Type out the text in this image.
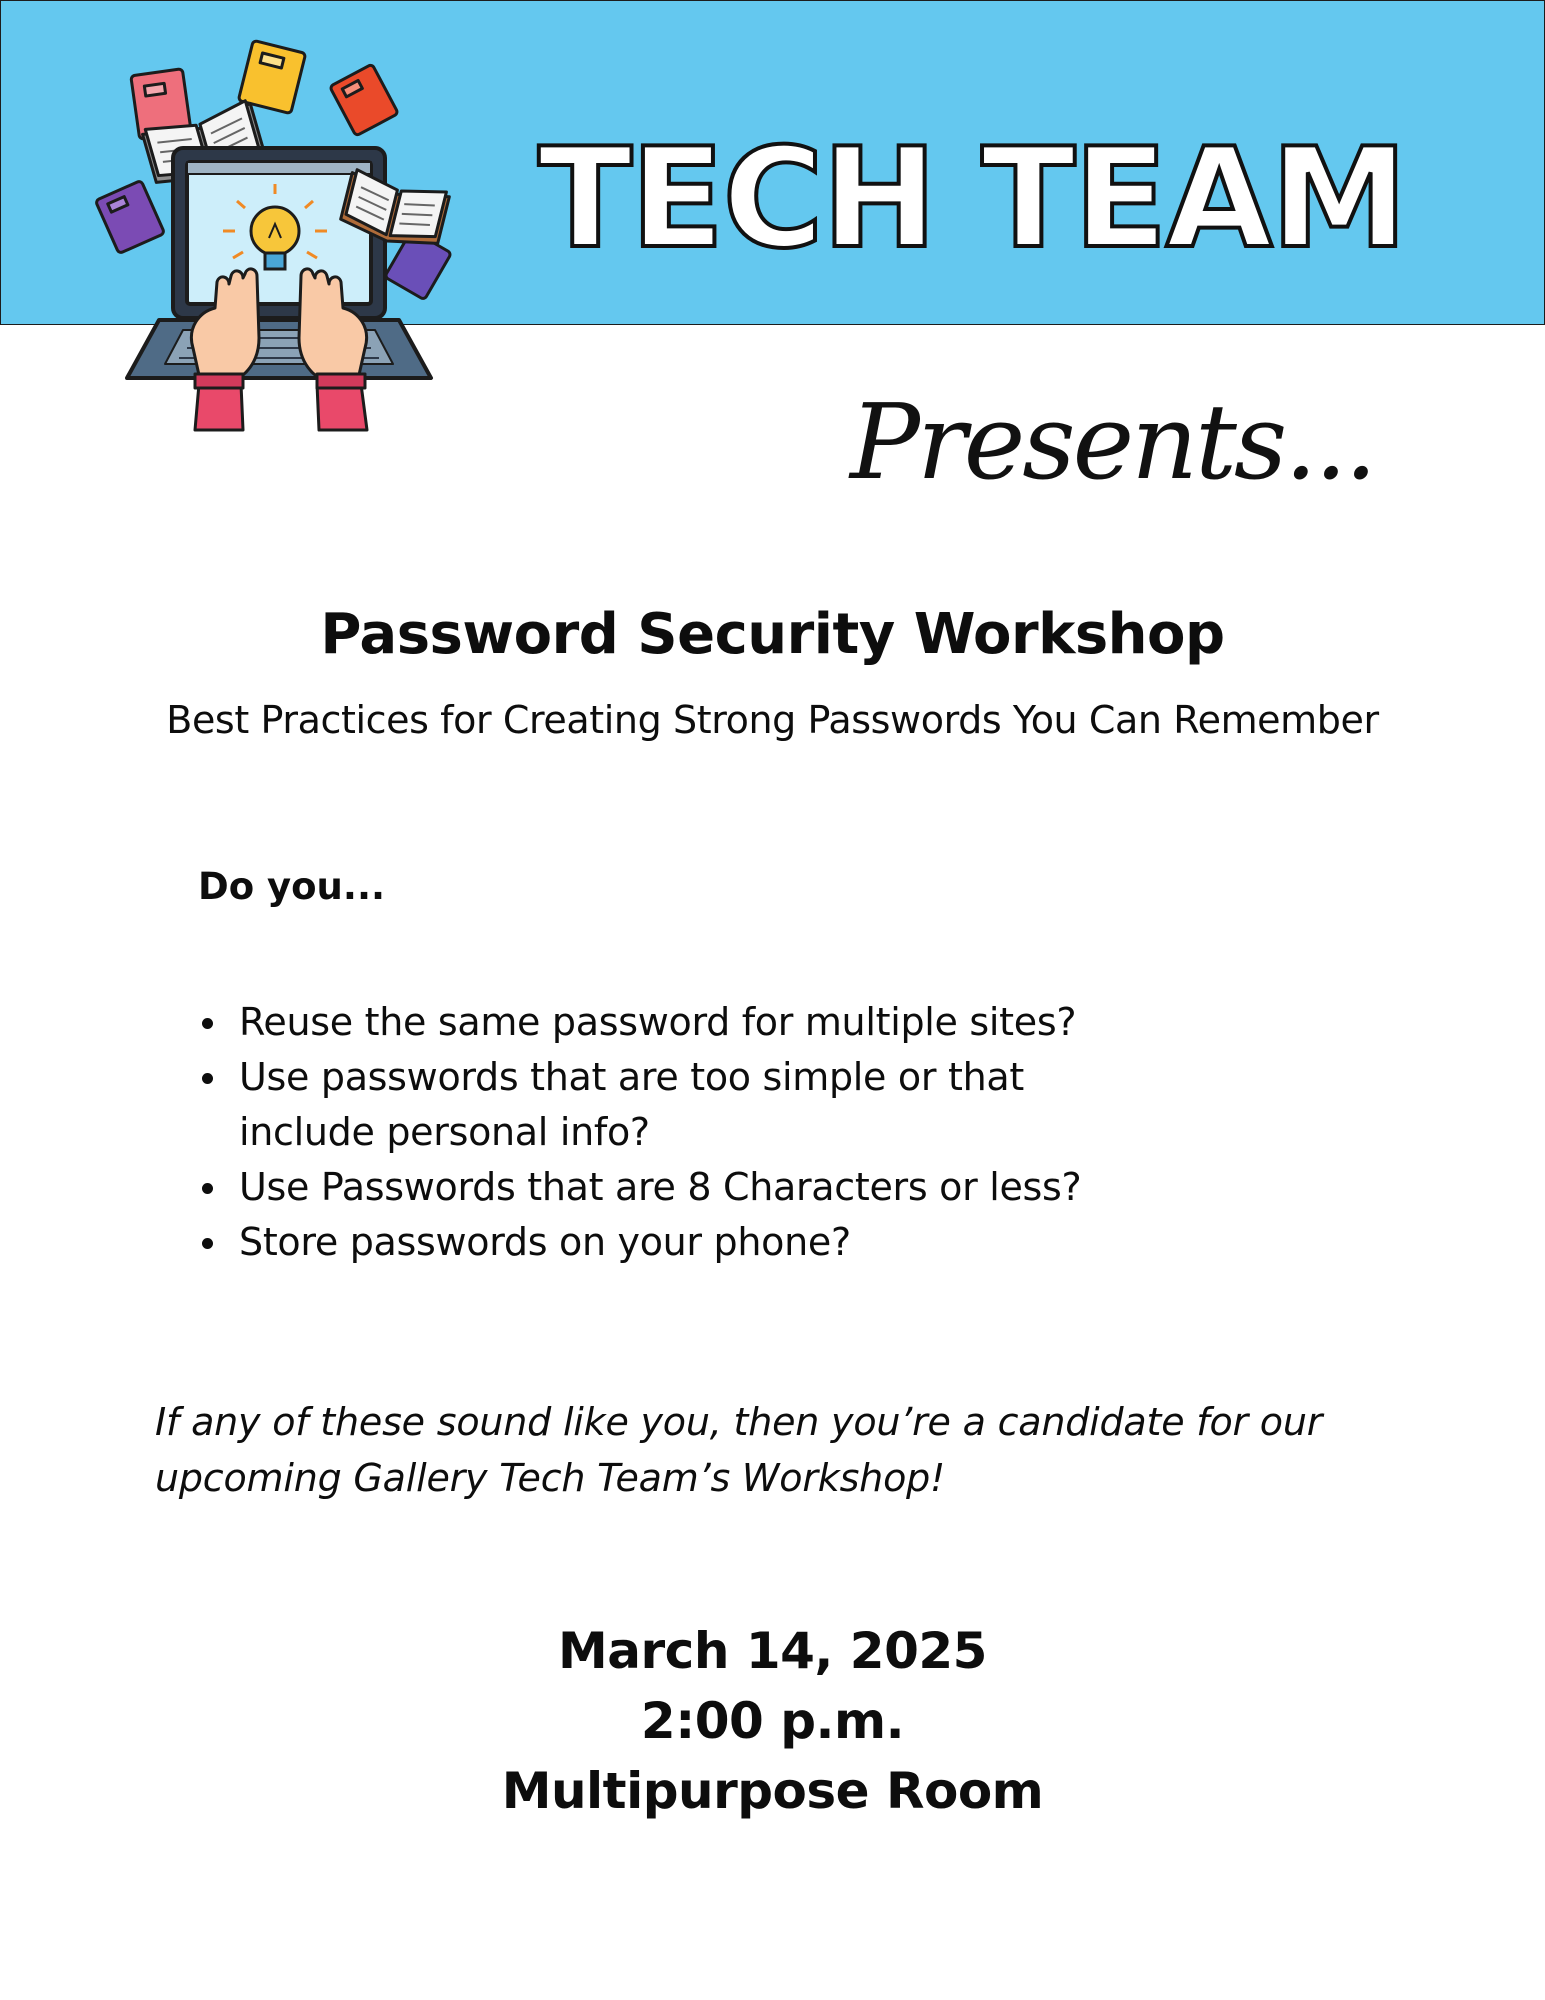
TECH TEAM
Presents...
Password Security Workshop
Best Practices for Creating Strong Passwords You Can Remember
Do you...
Reuse the same password for multiple sites?
Use passwords that are too simple or that include personal info?
Use Passwords that are 8 Characters or less?
Store passwords on your phone?
If any of these sound like you, then you’re a candidate for our upcoming Gallery Tech Team’s Workshop!
March 14, 2025
2:00 p.m.
Multipurpose Room
